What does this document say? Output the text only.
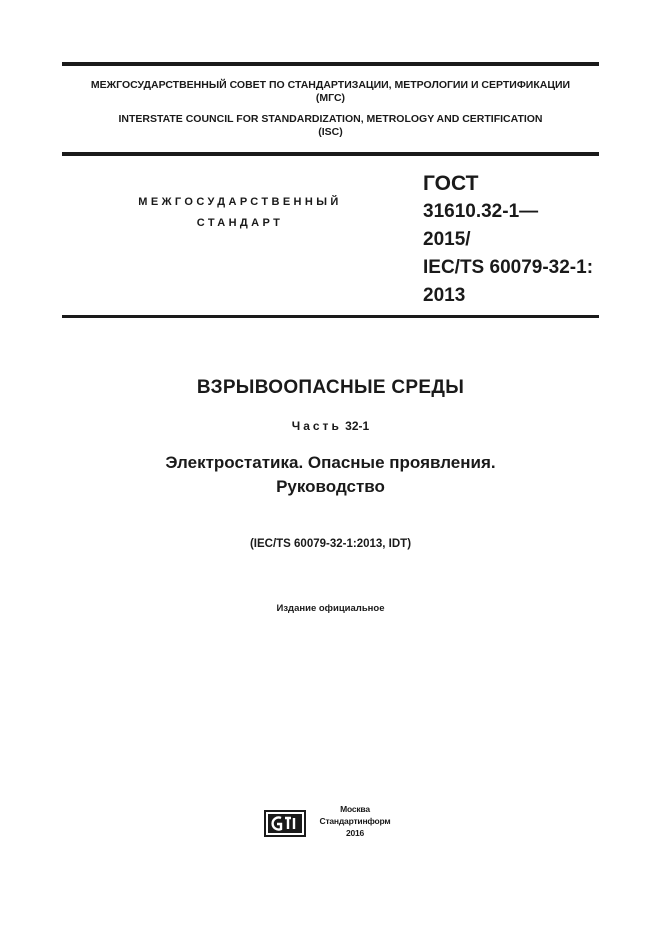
МЕЖГОСУДАРСТВЕННЫЙ СОВЕТ ПО СТАНДАРТИЗАЦИИ, МЕТРОЛОГИИ И СЕРТИФИКАЦИИ
(МГС)
INTERSTATE COUNCIL FOR STANDARDIZATION, METROLOGY AND CERTIFICATION
(ISC)
МЕЖГОСУДАРСТВЕННЫЙ
СТАНДАРТ
ГОСТ
31610.32-1—
2015/
IEC/TS 60079-32-1:
2013
ВЗРЫВООПАСНЫЕ СРЕДЫ
Часть 32-1
Электростатика. Опасные проявления.
Руководство
(IEC/TS 60079-32-1:2013, IDT)
Издание официальное
Москва
Стандартинформ
2016
